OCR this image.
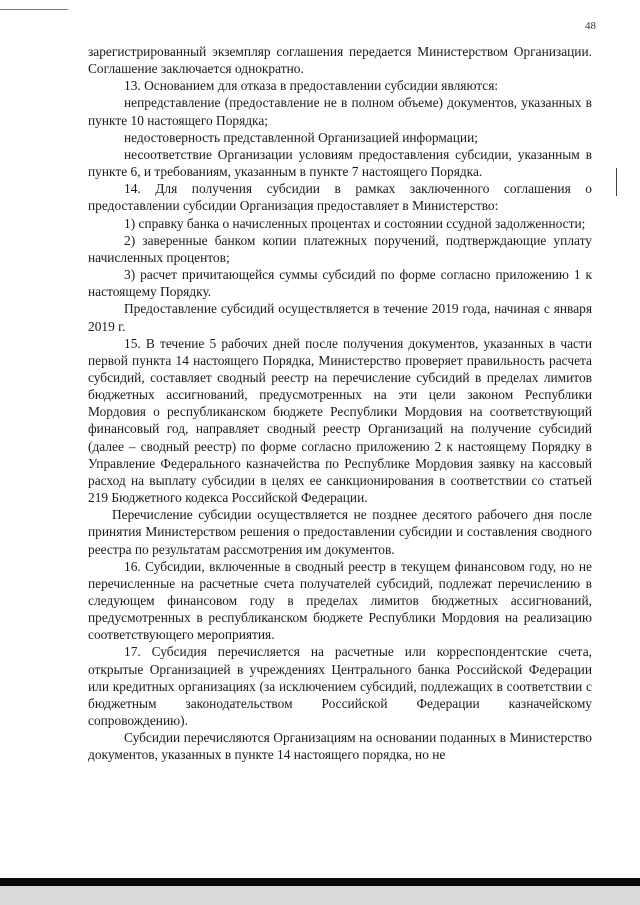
48

зарегистрированный экземпляр соглашения передается Министерством Организации. Соглашение заключается однократно.

13. Основанием для отказа в предоставлении субсидии являются:

непредставление (предоставление не в полном объеме) документов, указанных в пункте 10 настоящего Порядка;

недостоверность представленной Организацией информации;

несоответствие Организации условиям предоставления субсидии, указанным в пункте 6, и требованиям, указанным в пункте 7 настоящего Порядка.

14. Для получения субсидии в рамках заключенного соглашения о предоставлении субсидии Организация предоставляет в Министерство:

1) справку банка о начисленных процентах и состоянии ссудной задолженности;

2) заверенные банком копии платежных поручений, подтверждающие уплату начисленных процентов;

3) расчет причитающейся суммы субсидий по форме согласно приложению 1 к настоящему Порядку.

Предоставление субсидий осуществляется в течение 2019 года, начиная с января 2019 г.

15. В течение 5 рабочих дней после получения документов, указанных в части первой пункта 14 настоящего Порядка, Министерство проверяет правильность расчета субсидий, составляет сводный реестр на перечисление субсидий в пределах лимитов бюджетных ассигнований, предусмотренных на эти цели законом Республики Мордовия о республиканском бюджете Республики Мордовия на соответствующий финансовый год, направляет сводный реестр Организаций на получение субсидий (далее – сводный реестр) по форме согласно приложению 2 к настоящему Порядку в Управление Федерального казначейства по Республике Мордовия заявку на кассовый расход на выплату субсидии в целях ее санкционирования в соответствии со статьей 219 Бюджетного кодекса Российской Федерации.

Перечисление субсидии осуществляется не позднее десятого рабочего дня после принятия Министерством решения о предоставлении субсидии и составления сводного реестра по результатам рассмотрения им документов.

16. Субсидии, включенные в сводный реестр в текущем финансовом году, но не перечисленные на расчетные счета получателей субсидий, подлежат перечислению в следующем финансовом году в пределах лимитов бюджетных ассигнований, предусмотренных в республиканском бюджете Республики Мордовия на реализацию соответствующего мероприятия.

17. Субсидия перечисляется на расчетные или корреспондентские счета, открытые Организацией в учреждениях Центрального банка Российской Федерации или кредитных организациях (за исключением субсидий, подлежащих в соответствии с бюджетным законодательством Российской Федерации казначейскому сопровождению).

Субсидии перечисляются Организациям на основании поданных в Министерство документов, указанных в пункте 14 настоящего порядка, но не
